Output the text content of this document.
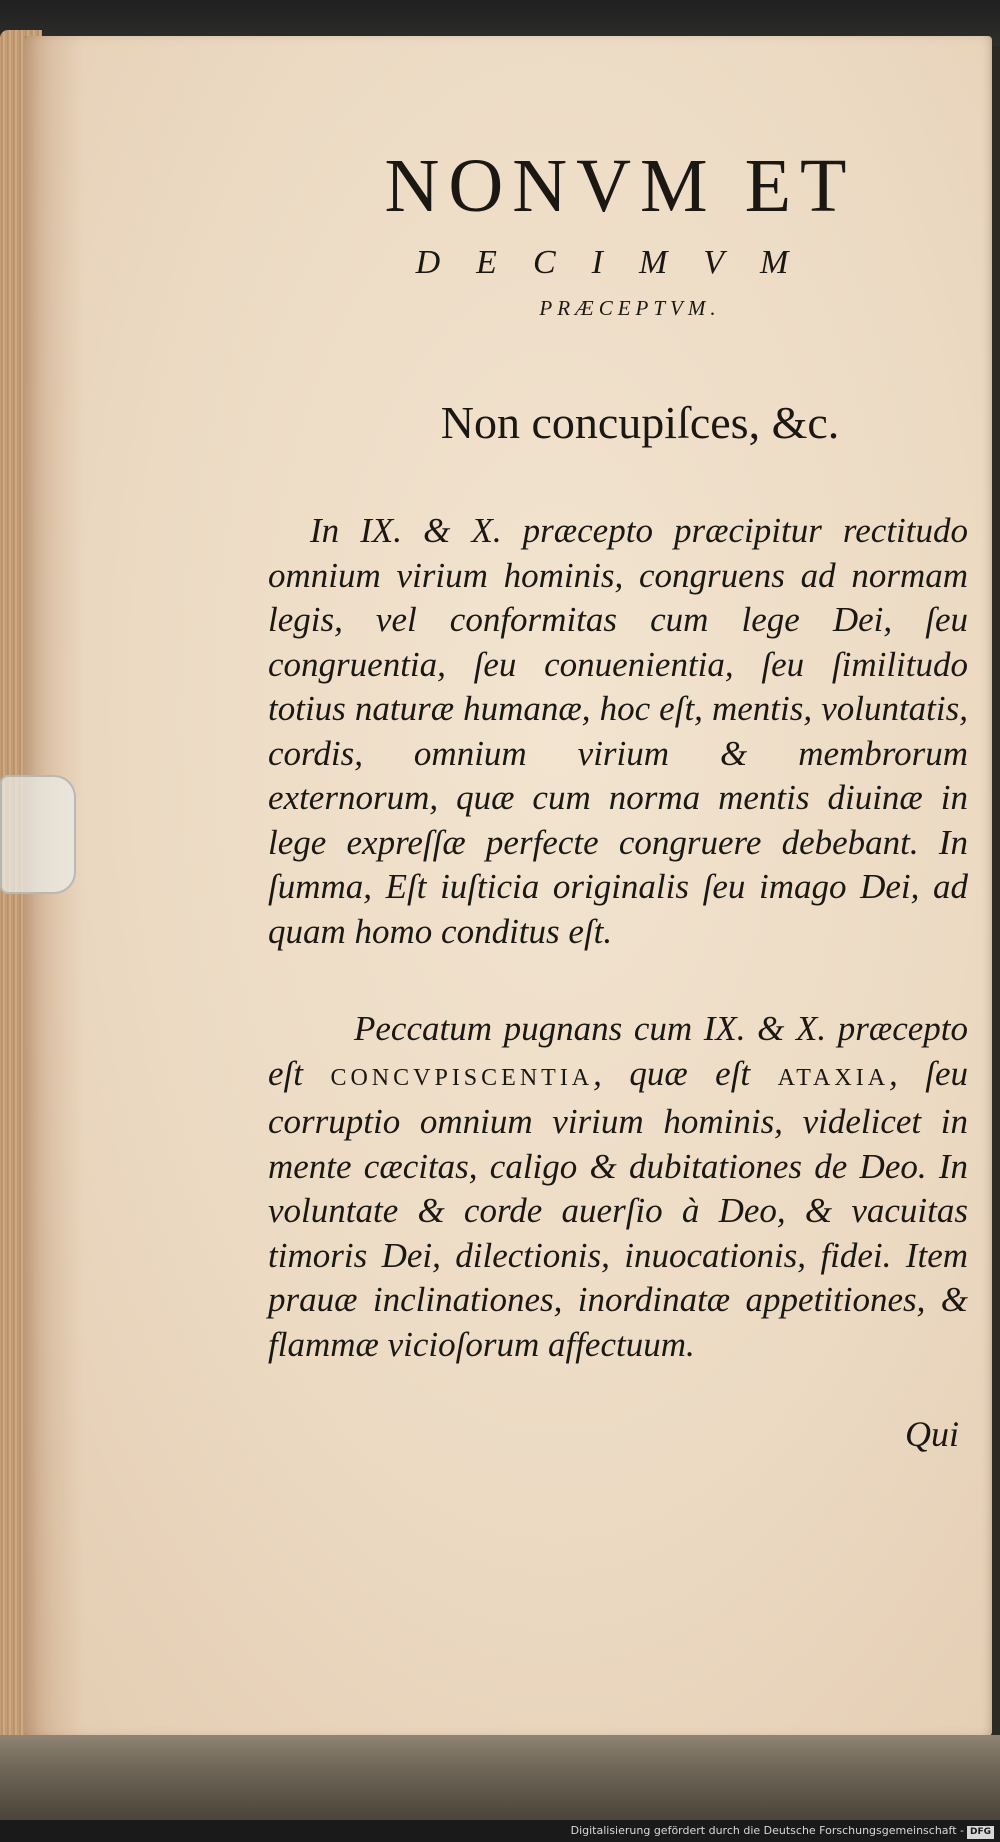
NONVM ET
DECIMVM
PRÆCEPTVM.
Non concupiſces, &c.
In IX. & X. præcepto præcipitur rectitudo omnium virium hominis, congruens ad normam legis, vel conformitas cum lege Dei, ſeu congruentia, ſeu conuenientia, ſeu ſimilitudo totius naturæ humanæ, hoc eſt, mentis, voluntatis, cordis, omnium virium & membrorum externorum, quæ cum norma mentis diuinæ in lege expreſſæ perfecte congruere debebant. In ſumma, Eſt iuſticia originalis ſeu imago Dei, ad quam homo conditus eſt.
Peccatum pugnans cum IX. & X. præcepto eſt CONCVPISCENTIA, quæ eſt ATAXIA, ſeu corruptio omnium virium hominis, videlicet in mente cæcitas, caligo & dubitationes de Deo. In voluntate & corde auerſio à Deo, & vacuitas timoris Dei, dilectionis, inuocationis, fidei. Item prauæ inclinationes, inordinatæ appetitiones, & flammæ vicioſorum affectuum.
Qui
Digitalisierung gefördert durch die Deutsche Forschungsgemeinschaft - DFG
